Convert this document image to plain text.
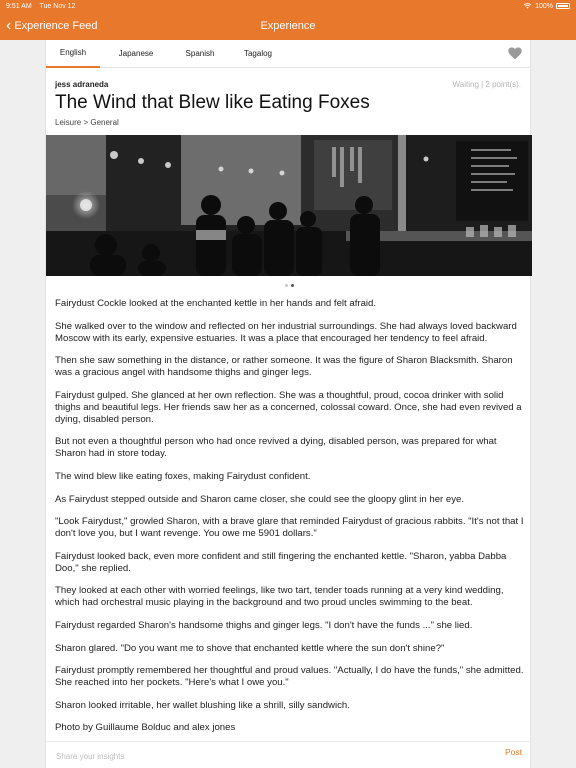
9:51 AM Tue Nov 12	100%
‹ Experience Feed	Experience
English	Japanese	Spanish	Tagalog
jess adraneda	Waiting | 2 point(s).
The Wind that Blew like Eating Foxes
Leisure > General

Fairydust Cockle looked at the enchanted kettle in her hands and felt afraid.

She walked over to the window and reflected on her industrial surroundings. She had always loved backward Moscow with its early, expensive estuaries. It was a place that encouraged her tendency to feel afraid.

Then she saw something in the distance, or rather someone. It was the figure of Sharon Blacksmith. Sharon was a gracious angel with handsome thighs and ginger legs.

Fairydust gulped. She glanced at her own reflection. She was a thoughtful, proud, cocoa drinker with solid thighs and beautiful legs. Her friends saw her as a concerned, colossal coward. Once, she had even revived a dying, disabled person.

But not even a thoughtful person who had once revived a dying, disabled person, was prepared for what Sharon had in store today.

The wind blew like eating foxes, making Fairydust confident.

As Fairydust stepped outside and Sharon came closer, she could see the gloopy glint in her eye.

"Look Fairydust," growled Sharon, with a brave glare that reminded Fairydust of gracious rabbits. "It's not that I don't love you, but I want revenge. You owe me 5901 dollars."

Fairydust looked back, even more confident and still fingering the enchanted kettle. "Sharon, yabba Dabba Doo," she replied.

They looked at each other with worried feelings, like two tart, tender toads running at a very kind wedding, which had orchestral music playing in the background and two proud uncles swimming to the beat.

Fairydust regarded Sharon's handsome thighs and ginger legs. "I don't have the funds ..." she lied.

Sharon glared. "Do you want me to shove that enchanted kettle where the sun don't shine?"

Fairydust promptly remembered her thoughtful and proud values. "Actually, I do have the funds," she admitted. She reached into her pockets. "Here's what I owe you."

Sharon looked irritable, her wallet blushing like a shrill, silly sandwich.

Photo by Guillaume Bolduc and alex jones

Share your insights
Post
